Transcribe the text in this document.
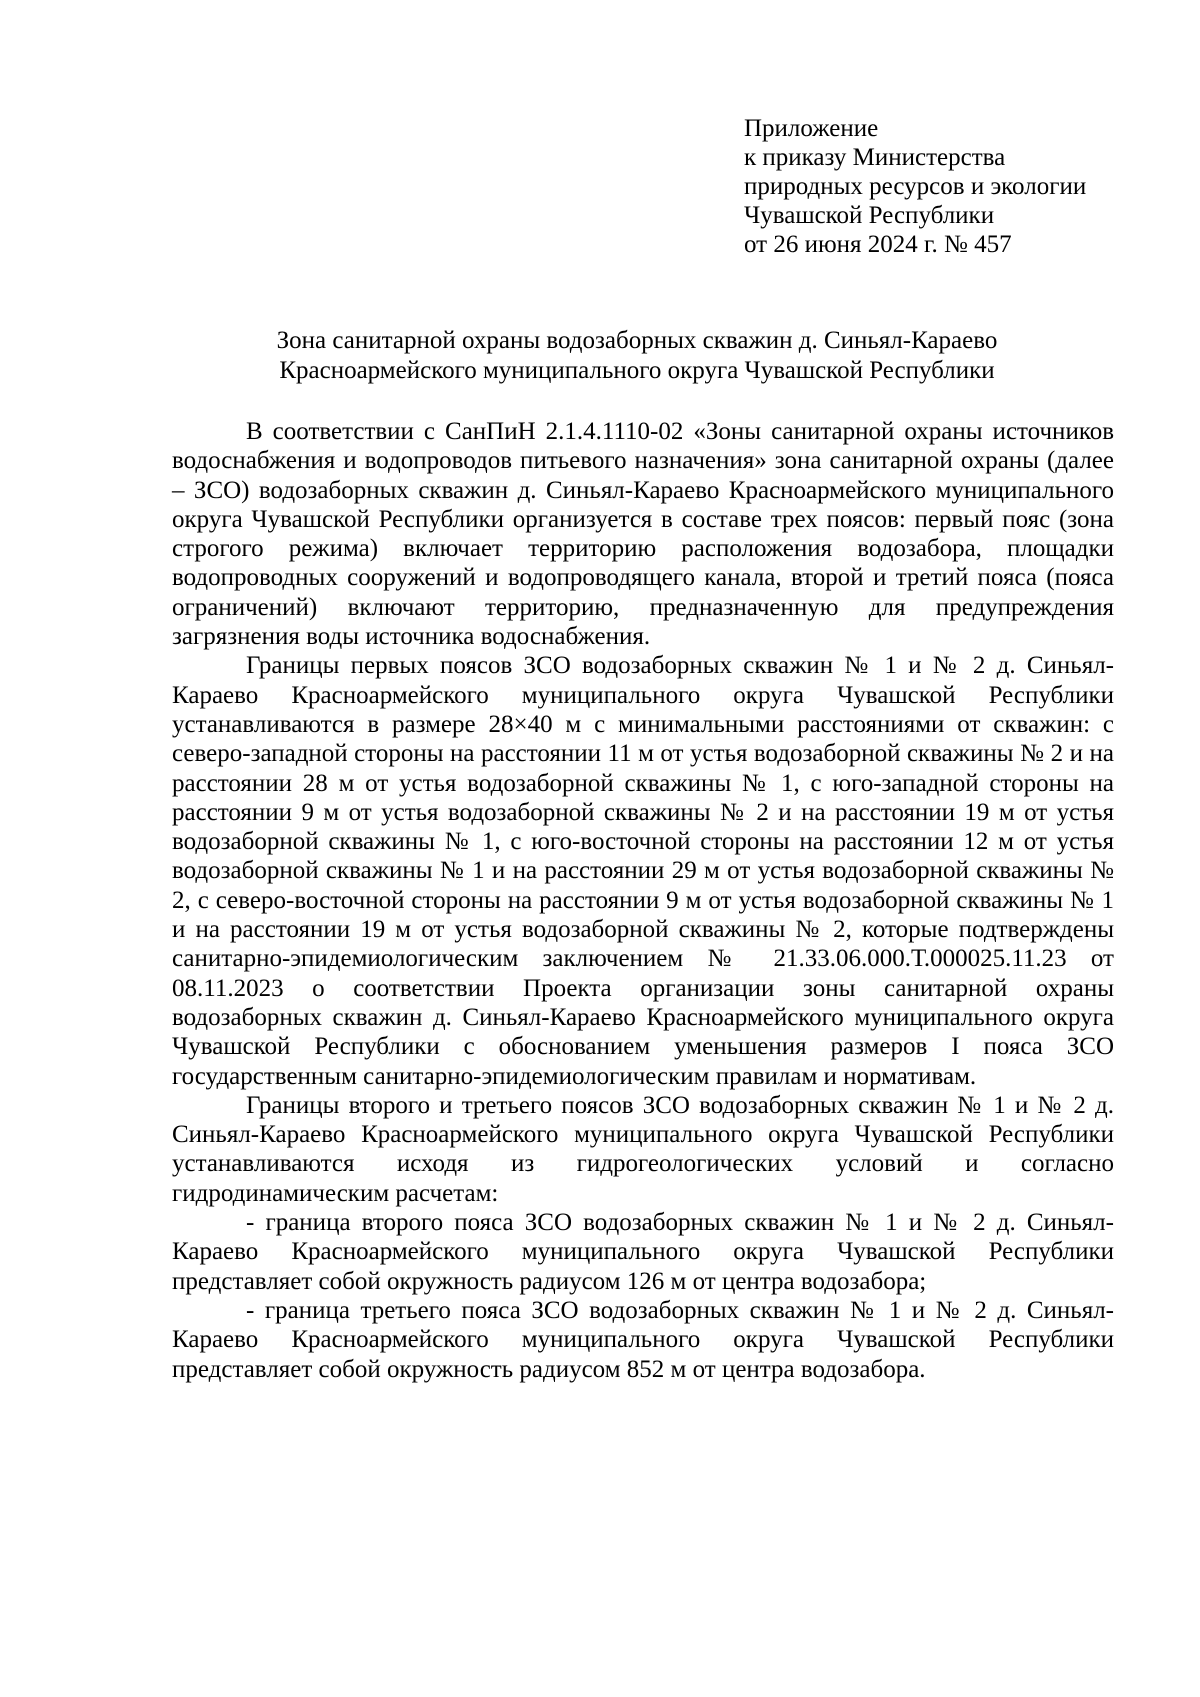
Приложение
к приказу Министерства
природных ресурсов и экологии
Чувашской Республики
от 26 июня 2024 г. № 457
Зона санитарной охраны водозаборных скважин д. Синьял-Караево
Красноармейского муниципального округа Чувашской Республики

В соответствии с СанПиН 2.1.4.1110-02 «Зоны санитарной охраны источников водоснабжения и водопроводов питьевого назначения» зона санитарной охраны (далее – ЗСО) водозаборных скважин д. Синьял-Караево Красноармейского муниципального округа Чувашской Республики организуется в составе трех поясов: первый пояс (зона строгого режима) включает территорию расположения водозабора, площадки водопроводных сооружений и водопроводящего канала, второй и третий пояса (пояса ограничений) включают территорию, предназначенную для предупреждения загрязнения воды источника водоснабжения.

Границы первых поясов ЗСО водозаборных скважин № 1 и № 2 д. Синьял-Караево Красноармейского муниципального округа Чувашской Республики устанавливаются в размере 28×40 м с минимальными расстояниями от скважин: с северо-западной стороны на расстоянии 11 м от устья водозаборной скважины № 2 и на расстоянии 28 м от устья водозаборной скважины № 1, с юго-западной стороны на расстоянии 9 м от устья водозаборной скважины № 2 и на расстоянии 19 м от устья водозаборной скважины № 1, с юго-восточной стороны на расстоянии 12 м от устья водозаборной скважины № 1 и на расстоянии 29 м от устья водозаборной скважины № 2, с северо-восточной стороны на расстоянии 9 м от устья водозаборной скважины № 1 и на расстоянии 19 м от устья водозаборной скважины № 2, которые подтверждены санитарно-эпидемиологическим заключением № 21.33.06.000.Т.000025.11.23 от 08.11.2023 о соответствии Проекта организации зоны санитарной охраны водозаборных скважин д. Синьял-Караево Красноармейского муниципального округа Чувашской Республики с обоснованием уменьшения размеров I пояса ЗСО государственным санитарно-эпидемиологическим правилам и нормативам.

Границы второго и третьего поясов ЗСО водозаборных скважин № 1 и № 2 д. Синьял-Караево Красноармейского муниципального округа Чувашской Республики устанавливаются исходя из гидрогеологических условий и согласно гидродинамическим расчетам:

- граница второго пояса ЗСО водозаборных скважин № 1 и № 2 д. Синьял-Караево Красноармейского муниципального округа Чувашской Республики представляет собой окружность радиусом 126 м от центра водозабора;

- граница третьего пояса ЗСО водозаборных скважин № 1 и № 2 д. Синьял-Караево Красноармейского муниципального округа Чувашской Республики представляет собой окружность радиусом 852 м от центра водозабора.
